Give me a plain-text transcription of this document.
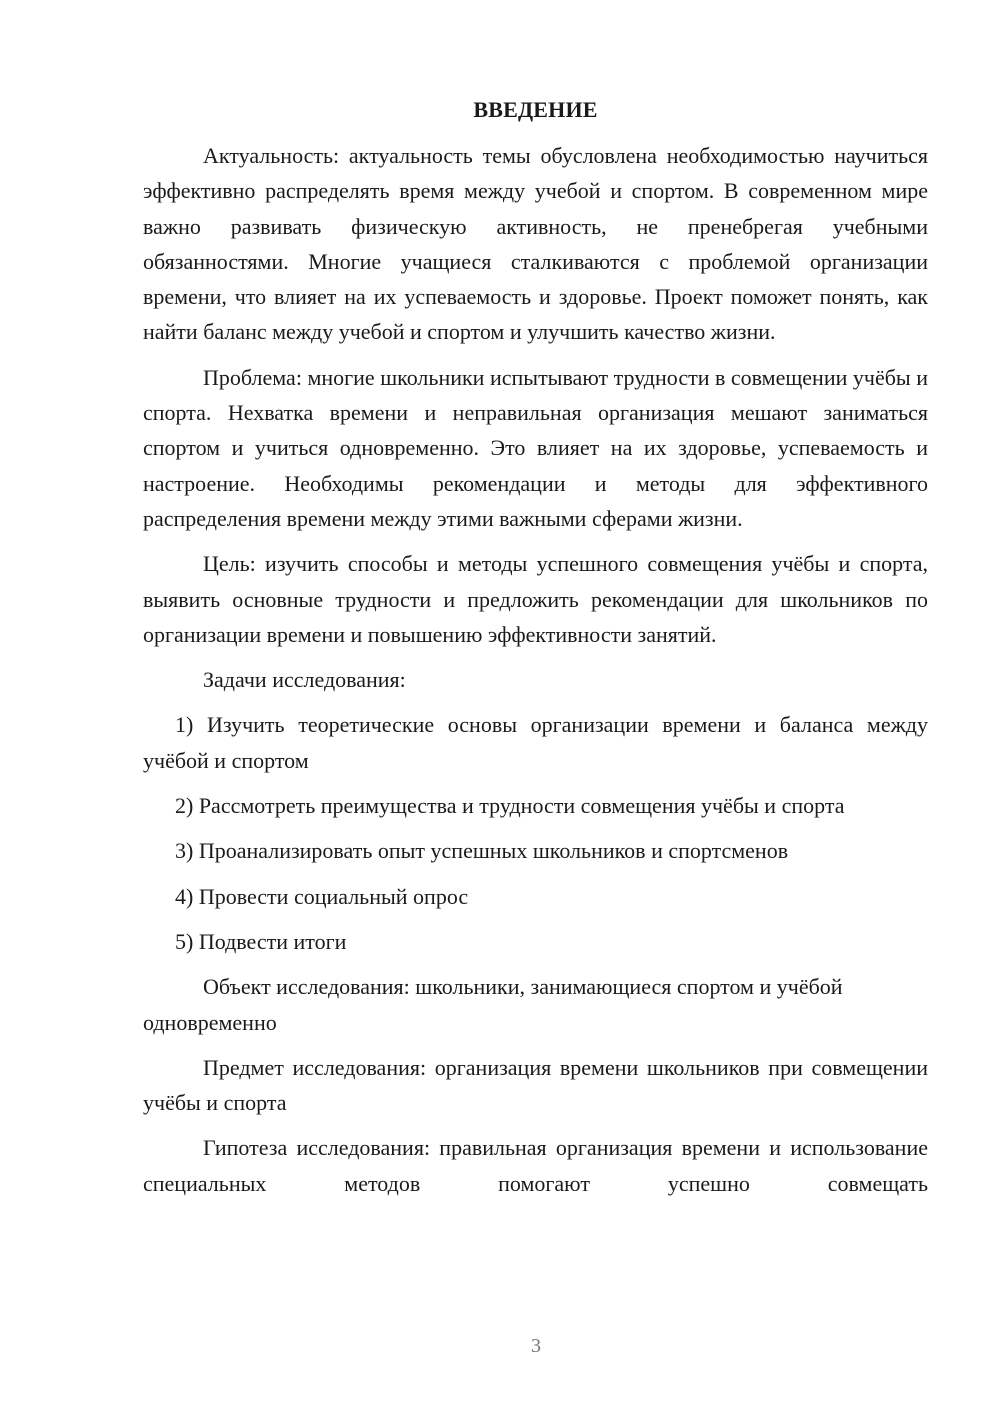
ВВЕДЕНИЕ

Актуальность: актуальность темы обусловлена необходимостью научиться эффективно распределять время между учебой и спортом. В современном мире важно развивать физическую активность, не пренебрегая учебными обязанностями. Многие учащиеся сталкиваются с проблемой организации времени, что влияет на их успеваемость и здоровье. Проект поможет понять, как найти баланс между учебой и спортом и улучшить качество жизни.

Проблема: многие школьники испытывают трудности в совмещении учёбы и спорта. Нехватка времени и неправильная организация мешают заниматься спортом и учиться одновременно. Это влияет на их здоровье, успеваемость и настроение. Необходимы рекомендации и методы для эффективного распределения времени между этими важными сферами жизни.

Цель: изучить способы и методы успешного совмещения учёбы и спорта, выявить основные трудности и предложить рекомендации для школьников по организации времени и повышению эффективности занятий.

Задачи исследования:

1) Изучить теоретические основы организации времени и баланса между учёбой и спортом

2) Рассмотреть преимущества и трудности совмещения учёбы и спорта

3) Проанализировать опыт успешных школьников и спортсменов

4) Провести социальный опрос

5) Подвести итоги

Объект исследования: школьники, занимающиеся спортом и учёбой одновременно

Предмет исследования: организация времени школьников при совмещении учёбы и спорта

Гипотеза исследования: правильная организация времени и использование специальных методов помогают успешно совмещать

3
